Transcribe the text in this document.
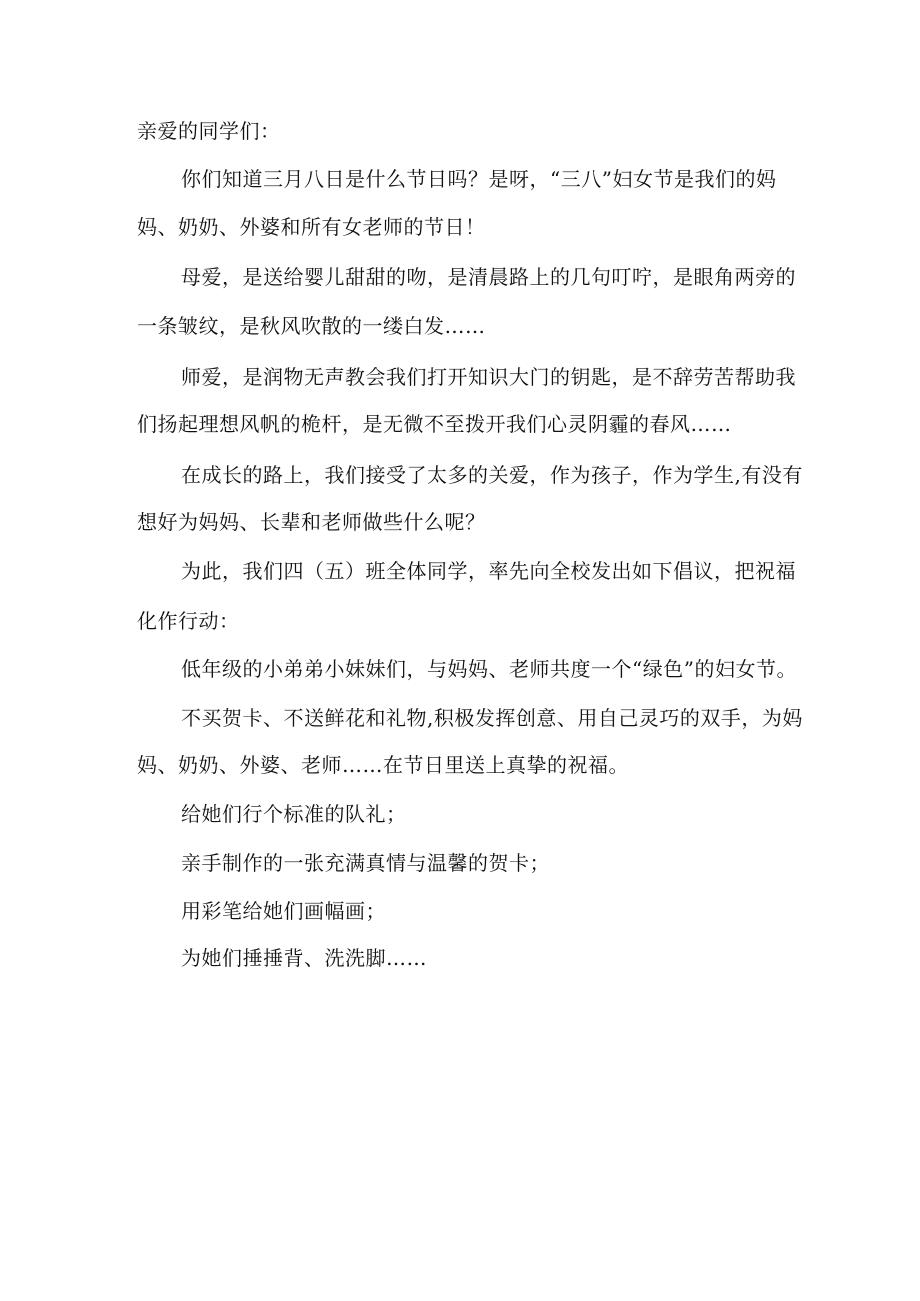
亲爱的同学们：

你们知道三月八日是什么节日吗？是呀，“三八”妇女节是我们的妈

妈、奶奶、外婆和所有女老师的节日！

母爱，是送给婴儿甜甜的吻，是清晨路上的几句叮咛，是眼角两旁的

一条皱纹，是秋风吹散的一缕白发……

师爱，是润物无声教会我们打开知识大门的钥匙，是不辞劳苦帮助我

们扬起理想风帆的桅杆，是无微不至拨开我们心灵阴霾的春风……

在成长的路上，我们接受了太多的关爱，作为孩子，作为学生,有没有

想好为妈妈、长辈和老师做些什么呢？

为此，我们四（五）班全体同学，率先向全校发出如下倡议，把祝福

化作行动：

低年级的小弟弟小妹妹们，与妈妈、老师共度一个“绿色”的妇女节。

不买贺卡、不送鲜花和礼物,积极发挥创意、用自己灵巧的双手，为妈

妈、奶奶、外婆、老师……在节日里送上真挚的祝福。

给她们行个标准的队礼；

亲手制作的一张充满真情与温馨的贺卡；

用彩笔给她们画幅画；

为她们捶捶背、洗洗脚……
